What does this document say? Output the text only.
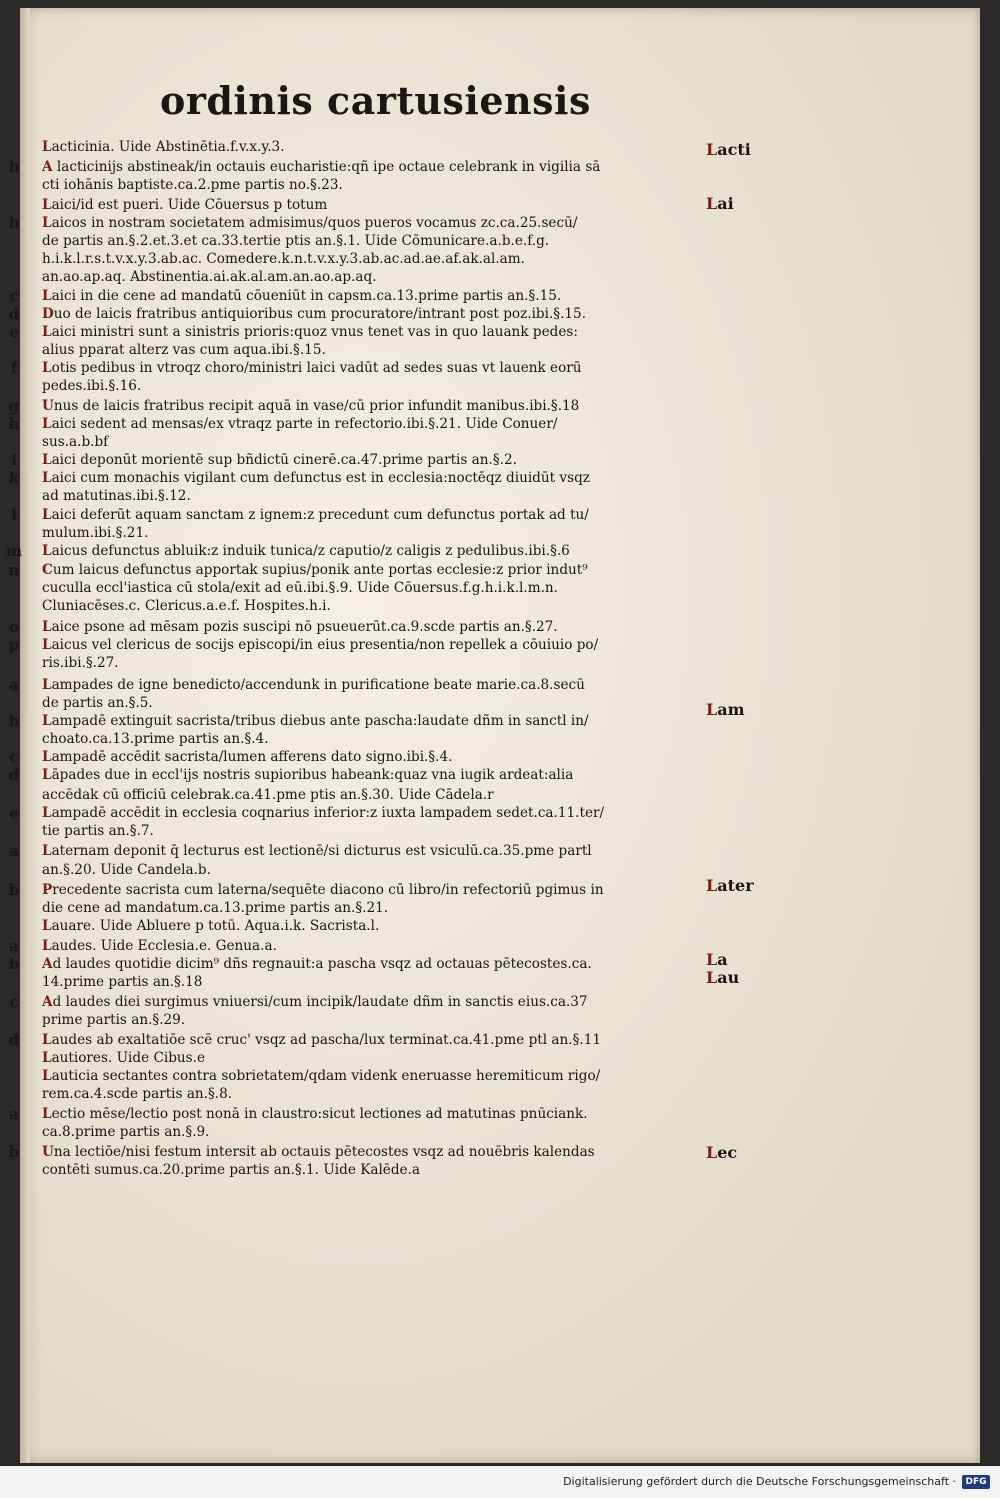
ordinis cartusiensis
Lacticinia. Uide Abstinētia.f.v.x.y.3.
b A lacticinijs abstineak/in octauis eucharistie:qñ ipe octaue celebrank in vigilia sā
cti iohānis baptiste.ca.2.pme partis no.§.23.
Laici/id est pueri. Uide Cōuersus p totum
b Laicos in nostram societatem admisimus/quos pueros vocamus zc.ca.25.secū/
de partis an.§.2.et.3.et ca.33.tertie ptis an.§.1. Uide Cōmunicare.a.b.e.f.g.
h.i.k.l.r.s.t.v.x.y.3.ab.ac. Comedere.k.n.t.v.x.y.3.ab.ac.ad.ae.af.ak.al.am.
an.ao.ap.aq. Abstinentia.ai.ak.al.am.an.ao.ap.aq.
c Laici in die cene ad mandatū cōueniūt in capsm.ca.13.prime partis an.§.15.
d Duo de laicis fratribus antiquioribus cum procuratore/intrant post poz.ibi.§.15.
e Laici ministri sunt a sinistris prioris:quoz vnus tenet vas in quo lauank pedes:
alius pparat alterz vas cum aqua.ibi.§.15.
f	Lotis pedibus in vtroqz choro/ministri laici vadūt ad sedes suas vt lauenk eorū
pedes.ibi.§.16.
g Unus de laicis fratribus recipit aquā in vase/cū prior infundit manibus.ibi.§.18
h Laici sedent ad mensas/ex vtraqz parte in refectorio.ibi.§.21. Uide Conuer/
sus.a.b.bf
i	Laici deponūt morientē sup bñdictū cinerē.ca.47.prime partis an.§.2.
k Laici cum monachis vigilant cum defunctus est in ecclesia:noctēqz diuidūt vsqz
ad matutinas.ibi.§.12.
l	Laici deferūt aquam sanctam z ignem:z precedunt cum defunctus portak ad tu/
mulum.ibi.§.21.
m Laicus defunctus abluik:z induik tunica/z caputio/z caligis z pedulibus.ibi.§.6
n Cum laicus defunctus apportak supius/ponik ante portas ecclesie:z prior indut⁹
cuculla eccl'iastica cū stola/exit ad eū.ibi.§.9. Uide Cōuersus.f.g.h.i.k.l.m.n.
Cluniacēses.c. Clericus.a.e.f. Hospites.h.i.
o Laice psone ad mēsam pozis suscipi nō psueuerūt.ca.9.scde partis an.§.27.
p Laicus vel clericus de socijs episcopi/in eius presentia/non repellek a cōuiuio po/
ris.ibi.§.27.
a Lampades de igne benedicto/accendunk in purificatione beate marie.ca.8.secū
de partis an.§.5.
b Lampadē extinguit sacrista/tribus diebus ante pascha:laudate dñm in sanctl in/
choato.ca.13.prime partis an.§.4.
c Lampadē accēdit sacrista/lumen afferens dato signo.ibi.§.4.
d Lāpades due in eccl'ijs nostris supioribus habeank:quaz vna iugik ardeat:alia
accēdak cū officiū celebrak.ca.41.pme ptis an.§.30. Uide Cādela.r
e Lampadē accēdit in ecclesia coqnarius inferior:z iuxta lampadem sedet.ca.11.ter/
tie partis an.§.7.
a Laternam deponit q̄ lecturus est lectionē/si dicturus est vsiculū.ca.35.pme partl
an.§.20. Uide Candela.b.
b Precedente sacrista cum laterna/sequēte diacono cū libro/in refectoriū pgimus in
die cene ad mandatum.ca.13.prime partis an.§.21.
Lauare. Uide Abluere p totū. Aqua.i.k. Sacrista.l.
a Laudes. Uide Ecclesia.e. Genua.a.
b Ad laudes quotidie dicim⁹ dñs regnauit:a pascha vsqz ad octauas pētecostes.ca.
14.prime partis an.§.18
c Ad laudes diei surgimus vniuersi/cum incipik/laudate dñm in sanctis eius.ca.37
prime partis an.§.29.
d Laudes ab exaltatiōe scē cruc' vsqz ad pascha/lux terminat.ca.41.pme ptl an.§.11
Lautiores. Uide Cibus.e
Lauticia sectantes contra sobrietatem/qdam videnk eneruasse heremiticum rigo/
rem.ca.4.scde partis an.§.8.
a Lectio mēse/lectio post nonā in claustro:sicut lectiones ad matutinas pnūciank.
ca.8.prime partis an.§.9.
b Una lectiōe/nisi festum intersit ab octauis pētecostes vsqz ad nouēbris kalendas
contēti sumus.ca.20.prime partis an.§.1. Uide Kalēde.a
Lacti
Lai
Lam
Later
La
Lau
Lec
Digitalisierung gefördert durch die Deutsche Forschungsgemeinschaft ·	DFG
